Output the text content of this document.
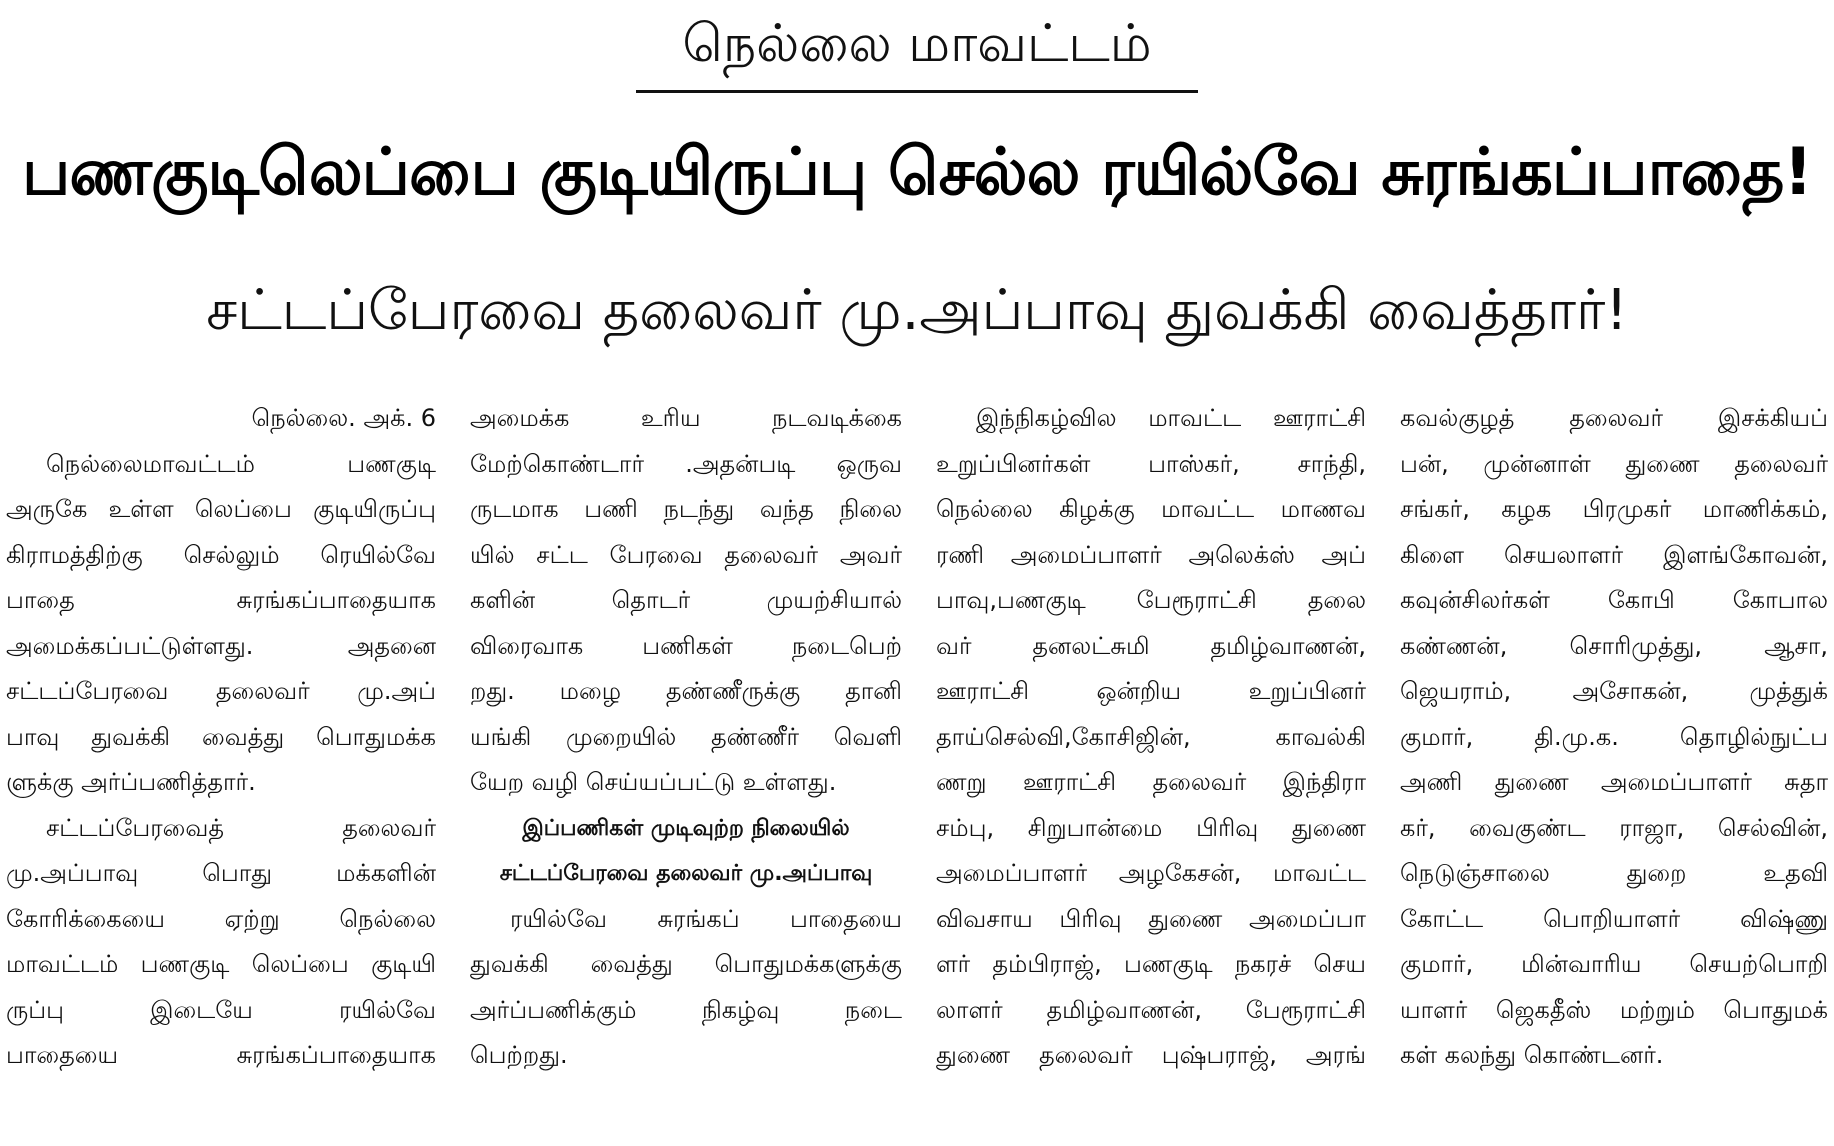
நெல்லை மாவட்டம்
பணகுடிலெப்பை குடியிருப்பு செல்ல ரயில்வே சுரங்கப்பாதை!
சட்டப்பேரவை தலைவர் மு.அப்பாவு துவக்கி வைத்தார்!
நெல்லை. அக். 6
நெல்லைமாவட்டம் பணகுடி
அருகே உள்ள லெப்பை குடியிருப்பு
கிராமத்திற்கு செல்லும் ரெயில்வே
பாதை சுரங்கப்பாதையாக
அமைக்கப்பட்டுள்ளது. அதனை
சட்டப்பேரவை தலைவர் மு.அப்
பாவு துவக்கி வைத்து பொதுமக்க
ளுக்கு அர்ப்பணித்தார்.
சட்டப்பேரவைத் தலைவர்
மு.அப்பாவு பொது மக்களின்
கோரிக்கையை ஏற்று நெல்லை
மாவட்டம் பணகுடி லெப்பை குடியி
ருப்பு இடையே ரயில்வே
பாதையை சுரங்கப்பாதையாக
அமைக்க உரிய நடவடிக்கை
மேற்கொண்டார் .அதன்படி ஒருவ
ருடமாக பணி நடந்து வந்த நிலை
யில் சட்ட பேரவை தலைவர் அவர்
களின் தொடர் முயற்சியால்
விரைவாக பணிகள் நடைபெற்
றது. மழை தண்ணீருக்கு தானி
யங்கி முறையில் தண்ணீர் வெளி
யேற வழி செய்யப்பட்டு உள்ளது.
இப்பணிகள் முடிவுற்ற நிலையில்
சட்டப்பேரவை தலைவர் மு.அப்பாவு
ரயில்வே சுரங்கப் பாதையை
துவக்கி வைத்து பொதுமக்களுக்கு
அர்ப்பணிக்கும் நிகழ்வு நடை
பெற்றது.
இந்நிகழ்வில மாவட்ட ஊராட்சி
உறுப்பினர்கள் பாஸ்கர், சாந்தி,
நெல்லை கிழக்கு மாவட்ட மாணவ
ரணி அமைப்பாளர் அலெக்ஸ் அப்
பாவு,பணகுடி பேரூராட்சி தலை
வர் தனலட்சுமி தமிழ்வாணன்,
ஊராட்சி ஒன்றிய உறுப்பினர்
தாய்செல்வி,கோசிஜின், காவல்கி
ணறு ஊராட்சி தலைவர் இந்திரா
சம்பு, சிறுபான்மை பிரிவு துணை
அமைப்பாளர் அழகேசன், மாவட்ட
விவசாய பிரிவு துணை அமைப்பா
ளர் தம்பிராஜ், பணகுடி நகரச் செய
லாளர் தமிழ்வாணன், பேரூராட்சி
துணை தலைவர் புஷ்பராஜ், அரங்
கவல்குழத் தலைவர் இசக்கியப்
பன், முன்னாள் துணை தலைவர்
சங்கர், கழக பிரமுகர் மாணிக்கம்,
கிளை செயலாளர் இளங்கோவன்,
கவுன்சிலர்கள் கோபி கோபால
கண்ணன், சொரிமுத்து, ஆசா,
ஜெயராம், அசோகன், முத்துக்
குமார், தி.மு.க. தொழில்நுட்ப
அணி துணை அமைப்பாளர் சுதா
கர், வைகுண்ட ராஜா, செல்வின்,
நெடுஞ்சாலை துறை உதவி
கோட்ட பொறியாளர் விஷ்ணு
குமார், மின்வாரிய செயற்பொறி
யாளர் ஜெகதீஸ் மற்றும் பொதுமக்
கள் கலந்து கொண்டனர்.
